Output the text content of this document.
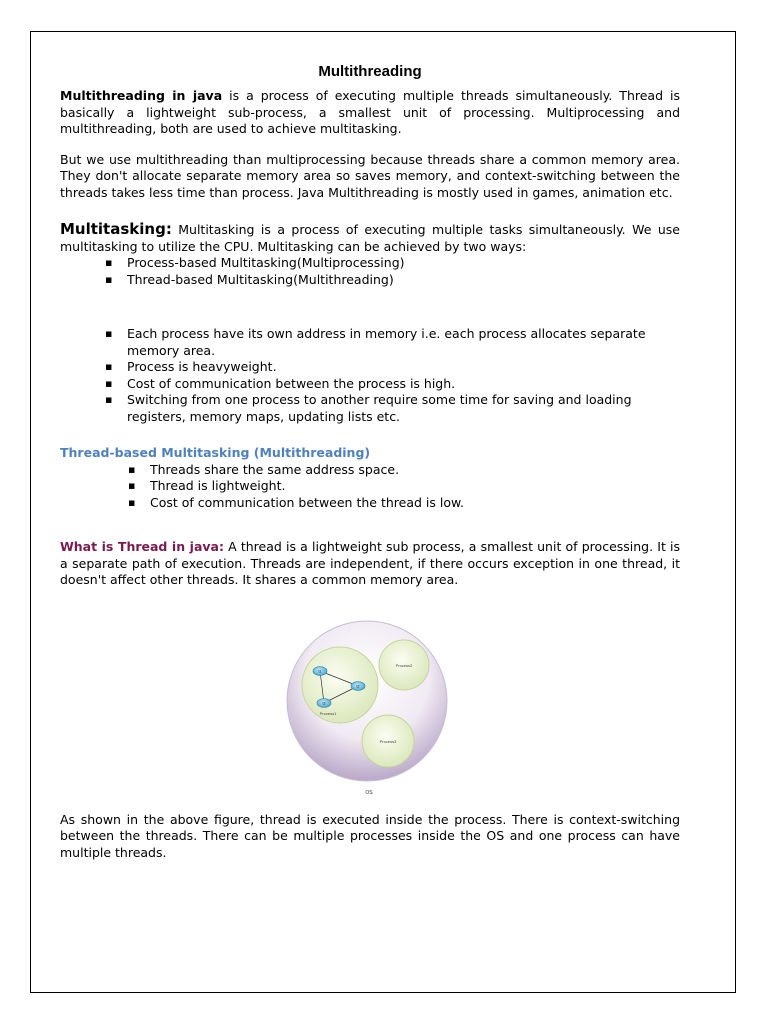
Multithreading

Multithreading in java is a process of executing multiple threads simultaneously. Thread is basically a lightweight sub-process, a smallest unit of processing. Multiprocessing and multithreading, both are used to achieve multitasking.

But we use multithreading than multiprocessing because threads share a common memory area. They don't allocate separate memory area so saves memory, and context-switching between the threads takes less time than process. Java Multithreading is mostly used in games, animation etc.

Multitasking: Multitasking is a process of executing multiple tasks simultaneously. We use multitasking to utilize the CPU. Multitasking can be achieved by two ways:

▪ Process-based Multitasking(Multiprocessing)
▪ Thread-based Multitasking(Multithreading)
▪ Each process have its own address in memory i.e. each process allocates separate memory area.
▪ Process is heavyweight.
▪ Cost of communication between the process is high.
▪ Switching from one process to another require some time for saving and loading registers, memory maps, updating lists etc.

Thread-based Multitasking (Multithreading)

▪ Threads share the same address space.
▪ Thread is lightweight.
▪ Cost of communication between the thread is low.

What is Thread in java: A thread is a lightweight sub process, a smallest unit of processing. It is a separate path of execution. Threads are independent, if there occurs exception in one thread, it doesn't affect other threads. It shares a common memory area.

t1
t2
t3
Process1
Process2
Process3
OS

As shown in the above figure, thread is executed inside the process. There is context-switching between the threads. There can be multiple processes inside the OS and one process can have multiple threads.
